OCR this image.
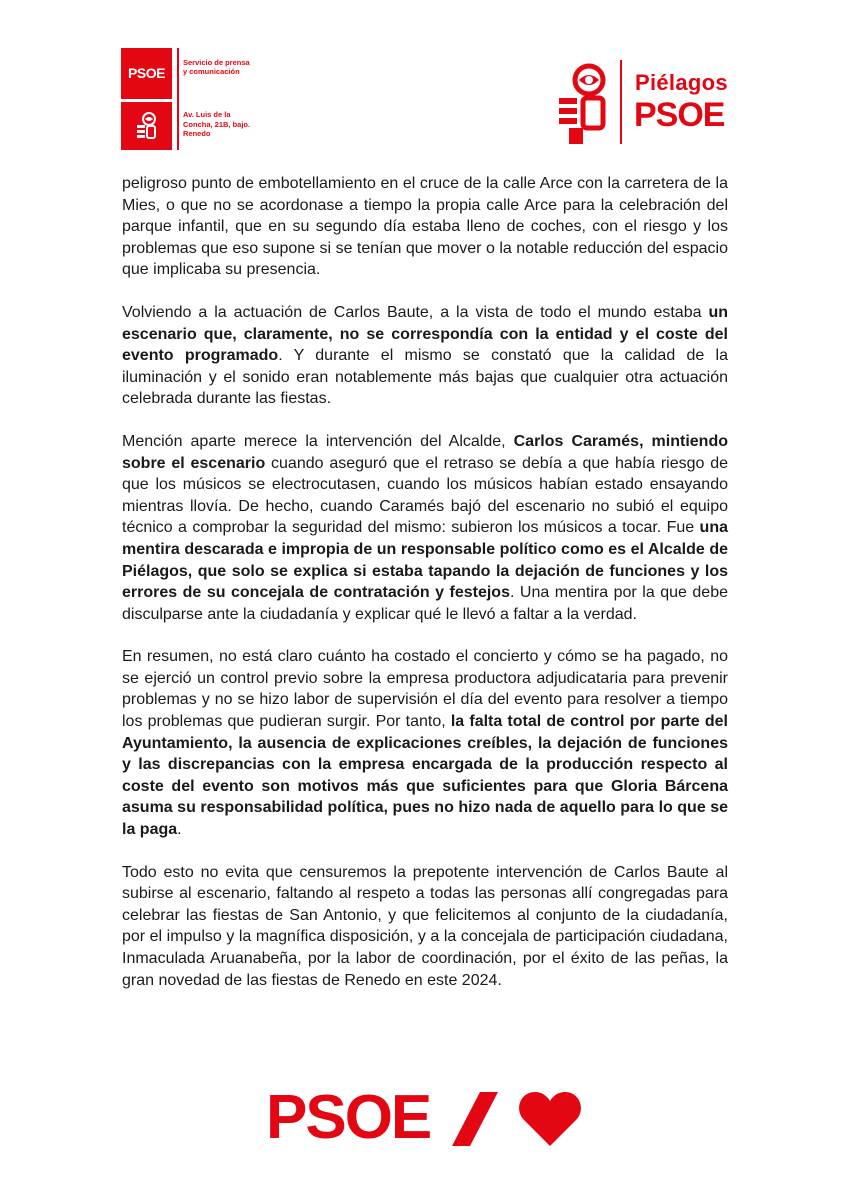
PSOE
Servicio de prensa y comunicación
Av. Luis de la Concha, 21B, bajo. Renedo
Piélagos
PSOE

peligroso punto de embotellamiento en el cruce de la calle Arce con la carretera de la Mies, o que no se acordonase a tiempo la propia calle Arce para la celebración del parque infantil, que en su segundo día estaba lleno de coches, con el riesgo y los problemas que eso supone si se tenían que mover o la notable reducción del espacio que implicaba su presencia.

Volviendo a la actuación de Carlos Baute, a la vista de todo el mundo estaba un escenario que, claramente, no se correspondía con la entidad y el coste del evento programado. Y durante el mismo se constató que la calidad de la iluminación y el sonido eran notablemente más bajas que cualquier otra actuación celebrada durante las fiestas.

Mención aparte merece la intervención del Alcalde, Carlos Caramés, mintiendo sobre el escenario cuando aseguró que el retraso se debía a que había riesgo de que los músicos se electrocutasen, cuando los músicos habían estado ensayando mientras llovía. De hecho, cuando Caramés bajó del escenario no subió el equipo técnico a comprobar la seguridad del mismo: subieron los músicos a tocar. Fue una mentira descarada e impropia de un responsable político como es el Alcalde de Piélagos, que solo se explica si estaba tapando la dejación de funciones y los errores de su concejala de contratación y festejos. Una mentira por la que debe disculparse ante la ciudadanía y explicar qué le llevó a faltar a la verdad.

En resumen, no está claro cuánto ha costado el concierto y cómo se ha pagado, no se ejerció un control previo sobre la empresa productora adjudicataria para prevenir problemas y no se hizo labor de supervisión el día del evento para resolver a tiempo los problemas que pudieran surgir. Por tanto, la falta total de control por parte del Ayuntamiento, la ausencia de explicaciones creíbles, la dejación de funciones y las discrepancias con la empresa encargada de la producción respecto al coste del evento son motivos más que suficientes para que Gloria Bárcena asuma su responsabilidad política, pues no hizo nada de aquello para lo que se la paga.

Todo esto no evita que censuremos la prepotente intervención de Carlos Baute al subirse al escenario, faltando al respeto a todas las personas allí congregadas para celebrar las fiestas de San Antonio, y que felicitemos al conjunto de la ciudadanía, por el impulso y la magnífica disposición, y a la concejala de participación ciudadana, Inmaculada Aruanabeña, por la labor de coordinación, por el éxito de las peñas, la gran novedad de las fiestas de Renedo en este 2024.

PSOE
